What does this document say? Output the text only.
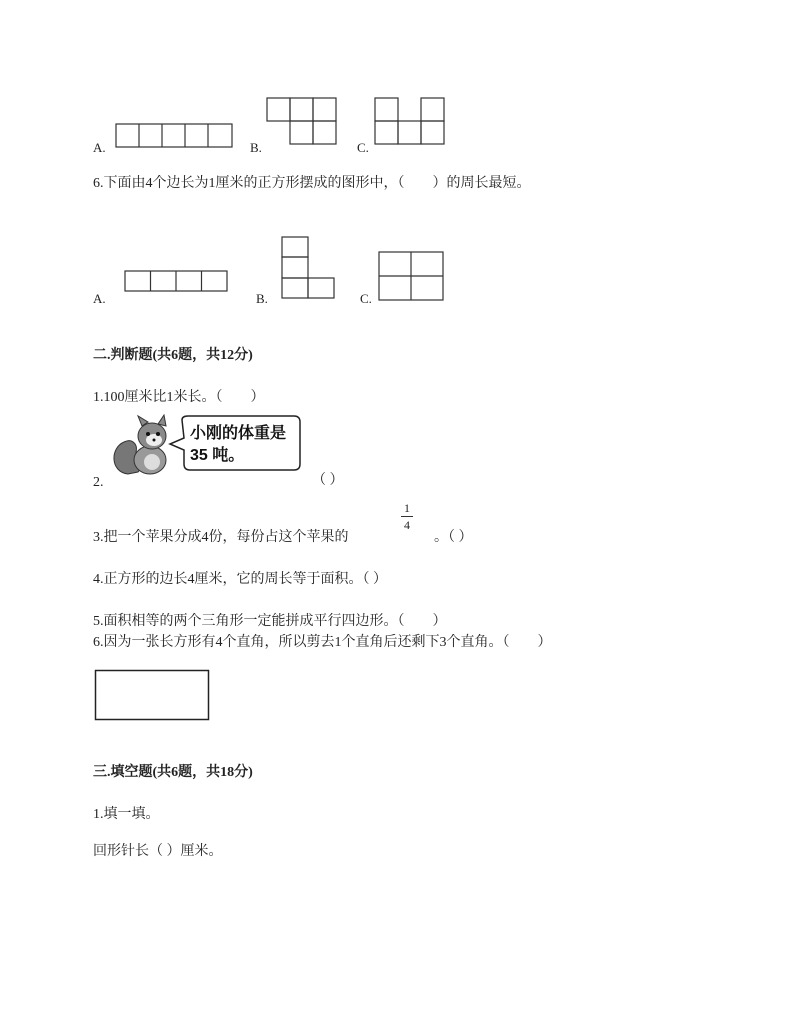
A.	B.	C.
6.下面由4个边长为1厘米的正方形摆成的图形中，（　　）的周长最短。
A.	B.	C.
二.判断题(共6题，共12分)
1.100厘米比1米长。（　　）
小刚的体重是
35 吨。
2.	（ ）
3.把一个苹果分成4份，每份占这个苹果的
1
4
。（ ）
4.正方形的边长4厘米，它的周长等于面积。（ ）
5.面积相等的两个三角形一定能拼成平行四边形。（　　）
6.因为一张长方形有4个直角，所以剪去1个直角后还剩下3个直角。（　　）
三.填空题(共6题，共18分)
1.填一填。
回形针长（ ）厘米。
